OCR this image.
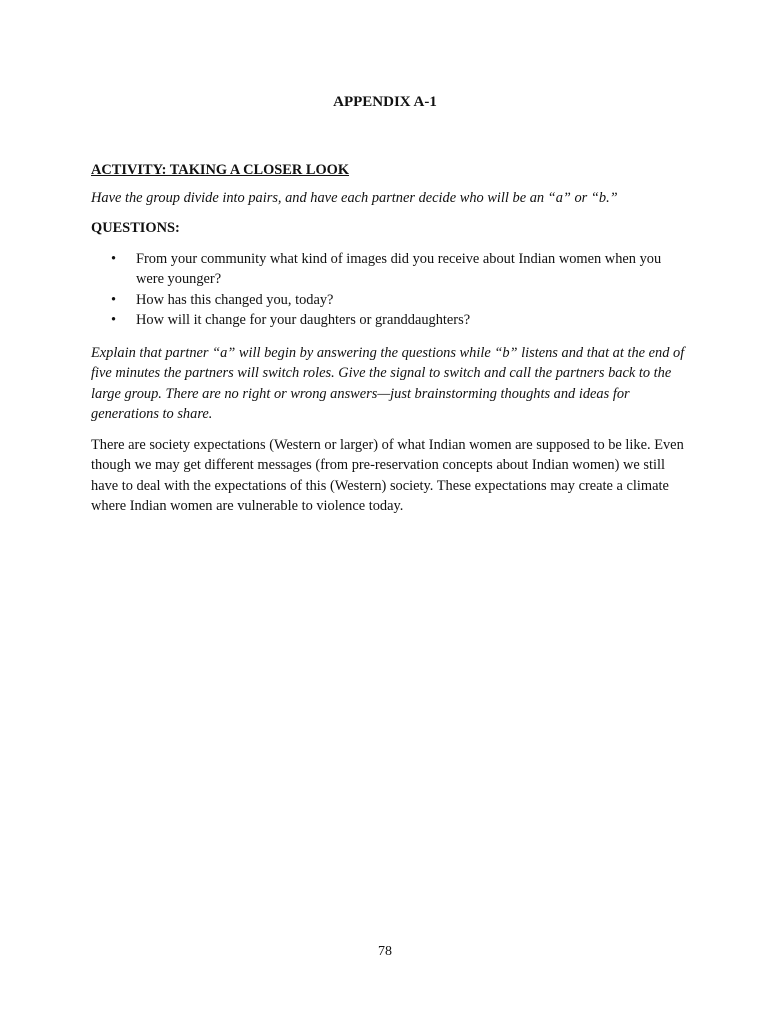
APPENDIX A-1

ACTIVITY: TAKING A CLOSER LOOK

Have the group divide into pairs, and have each partner decide who will be an “a” or “b.”

QUESTIONS:

• From your community what kind of images did you receive about Indian women when you were younger?
• How has this changed you, today?
• How will it change for your daughters or granddaughters?

Explain that partner “a” will begin by answering the questions while “b” listens and that at the end of five minutes the partners will switch roles. Give the signal to switch and call the partners back to the large group. There are no right or wrong answers—just brainstorming thoughts and ideas for generations to share.

There are society expectations (Western or larger) of what Indian women are supposed to be like. Even though we may get different messages (from pre-reservation concepts about Indian women) we still have to deal with the expectations of this (Western) society. These expectations may create a climate where Indian women are vulnerable to violence today.

78
